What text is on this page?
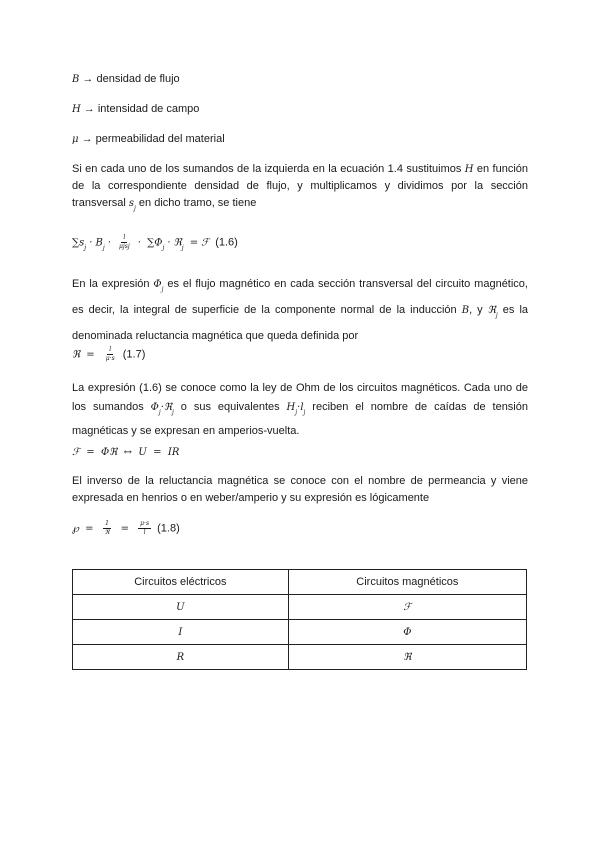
B → densidad de flujo
H → intensidad de campo
μ → permeabilidad del material

Si en cada uno de los sumandos de la izquierda en la ecuación 1.4 sustituimos H en función de la correspondiente densidad de flujo, y multiplicamos y dividimos por la sección transversal $s_j$ en dicho tramo, se tiene

$\sum s_j \cdot B_j \cdot \frac{l}{\text{μjsj}} \cdot \sum\Phi_j$ · ℜ$_j$ = ℱ (1.6)

En la expresión $\Phi_j$ es el flujo magnético en cada sección transversal del circuito magnético, es decir, la integral de superficie de la componente normal de la inducción B, y ℜ$_j$ es la denominada reluctancia magnética que queda definida por

ℜ = $\frac{l}{\mu\cdot s} (1.7)$

La expresión (1.6) se conoce como la ley de Ohm de los circuitos magnéticos. Cada uno de los sumandos $\Phi_j\cdot ℜ_j$ o sus equivalentes $H_j\cdot l_j$ reciben el nombre de caídas de tensión magnéticas y se expresan en amperios-vuelta.

ℱ  =  Φℜ  ↔  U  =  IR

El inverso de la reluctancia magnética se conoce con el nombre de permeancia y viene expresada en henrios o en weber/amperio y su expresión es lógicamente

℘ = $\frac{1}{\text{ℜ}} = \frac{\mu\cdot s}{l} (1.8)$
Circuitos eléctricos	Circuitos magnéticos
U	ℱ
I	Φ
R	ℜ
